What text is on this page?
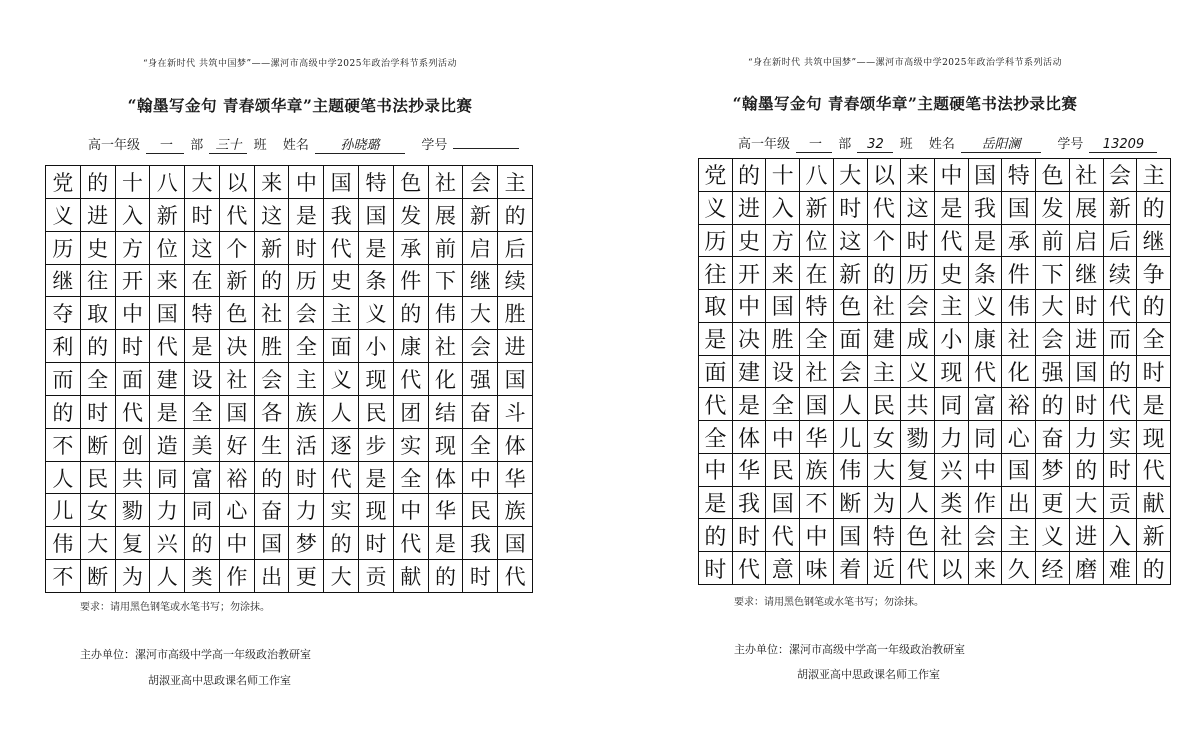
“身在新时代 共筑中国梦”——漯河市高级中学2025年政治学科节系列活动
“翰墨写金句 青春颂华章”主题硬笔书法抄录比赛
高一年级 一 部 三十 班 姓名 孙晓璐	学号
党 的 十 八 大 以 来 中 国 特 色 社 会 主
义 进 入 新 时 代 这 是 我 国 发 展 新 的
历 史 方 位 这 个 新 时 代 是 承 前 启 后
继 往 开 来 在 新 的 历 史 条 件 下 继 续
夺 取 中 国 特 色 社 会 主 义 的 伟 大 胜
利 的 时 代 是 决 胜 全 面 小 康 社 会 进
而 全 面 建 设 社 会 主 义 现 代 化 强 国
的 时 代 是 全 国 各 族 人 民 团 结 奋 斗
不 断 创 造 美 好 生 活 逐 步 实 现 全 体
人 民 共 同 富 裕 的 时 代 是 全 体 中 华
儿 女 勠 力 同 心 奋 力 实 现 中 华 民 族
伟 大 复 兴 的 中 国 梦 的 时 代 是 我 国
不 断 为 人 类 作 出 更 大 贡 献 的 时 代
要求：请用黑色钢笔或水笔书写；勿涂抹。
主办单位：漯河市高级中学高一年级政治教研室
胡淑亚高中思政课名师工作室
“身在新时代 共筑中国梦”——漯河市高级中学2025年政治学科节系列活动
“翰墨写金句 青春颂华章”主题硬笔书法抄录比赛
高一年级 一 部 32 班 姓名 岳阳澜	学号 13209
党 的 十 八 大 以 来 中 国 特 色 社 会 主
义 进 入 新 时 代 这 是 我 国 发 展 新 的
历 史 方 位 这 个 时 代 是 承 前 启 后 继
往 开 来 在 新 的 历 史 条 件 下 继 续 争
取 中 国 特 色 社 会 主 义 伟 大 时 代 的
是 决 胜 全 面 建 成 小 康 社 会 进 而 全
面 建 设 社 会 主 义 现 代 化 强 国 的 时
代 是 全 国 人 民 共 同 富 裕 的 时 代 是
全 体 中 华 儿 女 勠 力 同 心 奋 力 实 现
中 华 民 族 伟 大 复 兴 中 国 梦 的 时 代
是 我 国 不 断 为 人 类 作 出 更 大 贡 献
的 时 代 中 国 特 色 社 会 主 义 进 入 新
时 代 意 味 着 近 代 以 来 久 经 磨 难 的
要求：请用黑色钢笔或水笔书写；勿涂抹。
主办单位：漯河市高级中学高一年级政治教研室
胡淑亚高中思政课名师工作室
